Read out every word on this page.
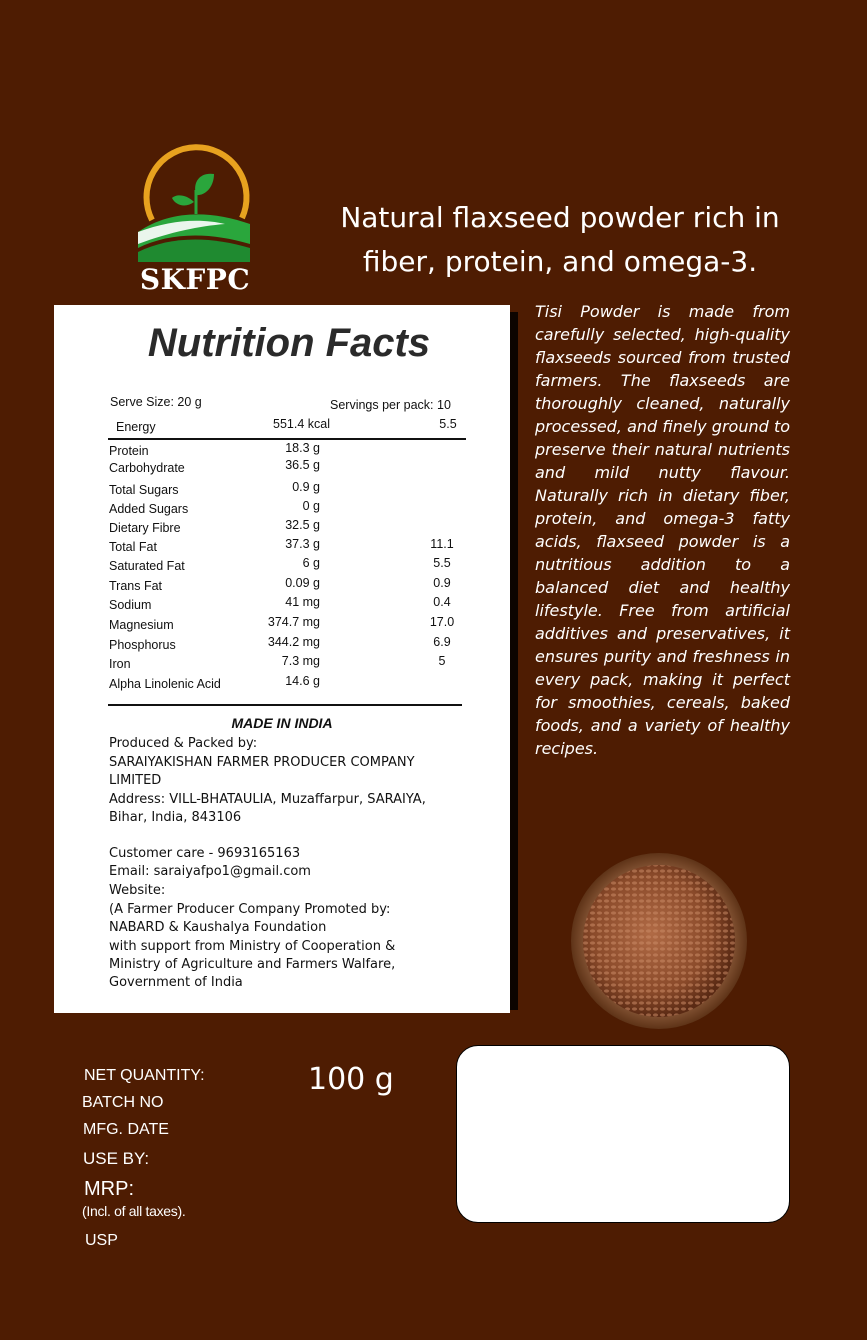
SKFPC
Natural flaxseed powder rich in fiber, protein, and omega-3.
Nutrition Facts
Serve Size: 20 g	Servings per pack: 10
Energy	551.4 kcal	5.5
Protein	18.3 g
Carbohydrate	36.5 g
Total Sugars	0.9 g
Added Sugars	0 g
Dietary Fibre	32.5 g
Total Fat	37.3 g	11.1
Saturated Fat	6 g	5.5
Trans Fat	0.09 g	0.9
Sodium	41 mg	0.4
Magnesium	374.7 mg	17.0
Phosphorus	344.2 mg	6.9
Iron	7.3 mg	5
Alpha Linolenic Acid	14.6 g
MADE IN INDIA
Produced & Packed by:
SARAIYAKISHAN FARMER PRODUCER COMPANY
LIMITED
Address: VILL-BHATAULIA, Muzaffarpur, SARAIYA,
Bihar, India, 843106
Customer care - 9693165163
Email: saraiyafpo1@gmail.com
Website:
(A Farmer Producer Company Promoted by:
NABARD & Kaushalya Foundation
with support from Ministry of Cooperation &
Ministry of Agriculture and Farmers Walfare,
Government of India
Tisi Powder is made from carefully selected, high-quality flaxseeds sourced from trusted farmers. The flaxseeds are thoroughly cleaned, naturally processed, and finely ground to preserve their natural nutrients and mild nutty flavour. Naturally rich in dietary fiber, protein, and omega-3 fatty acids, flaxseed powder is a nutritious addition to a balanced diet and healthy lifestyle. Free from artificial additives and preservatives, it ensures purity and freshness in every pack, making it perfect for smoothies, cereals, baked foods, and a variety of healthy recipes.
NET QUANTITY:	100 g
BATCH NO
MFG. DATE
USE BY:
MRP:
(Incl. of all taxes).
USP
